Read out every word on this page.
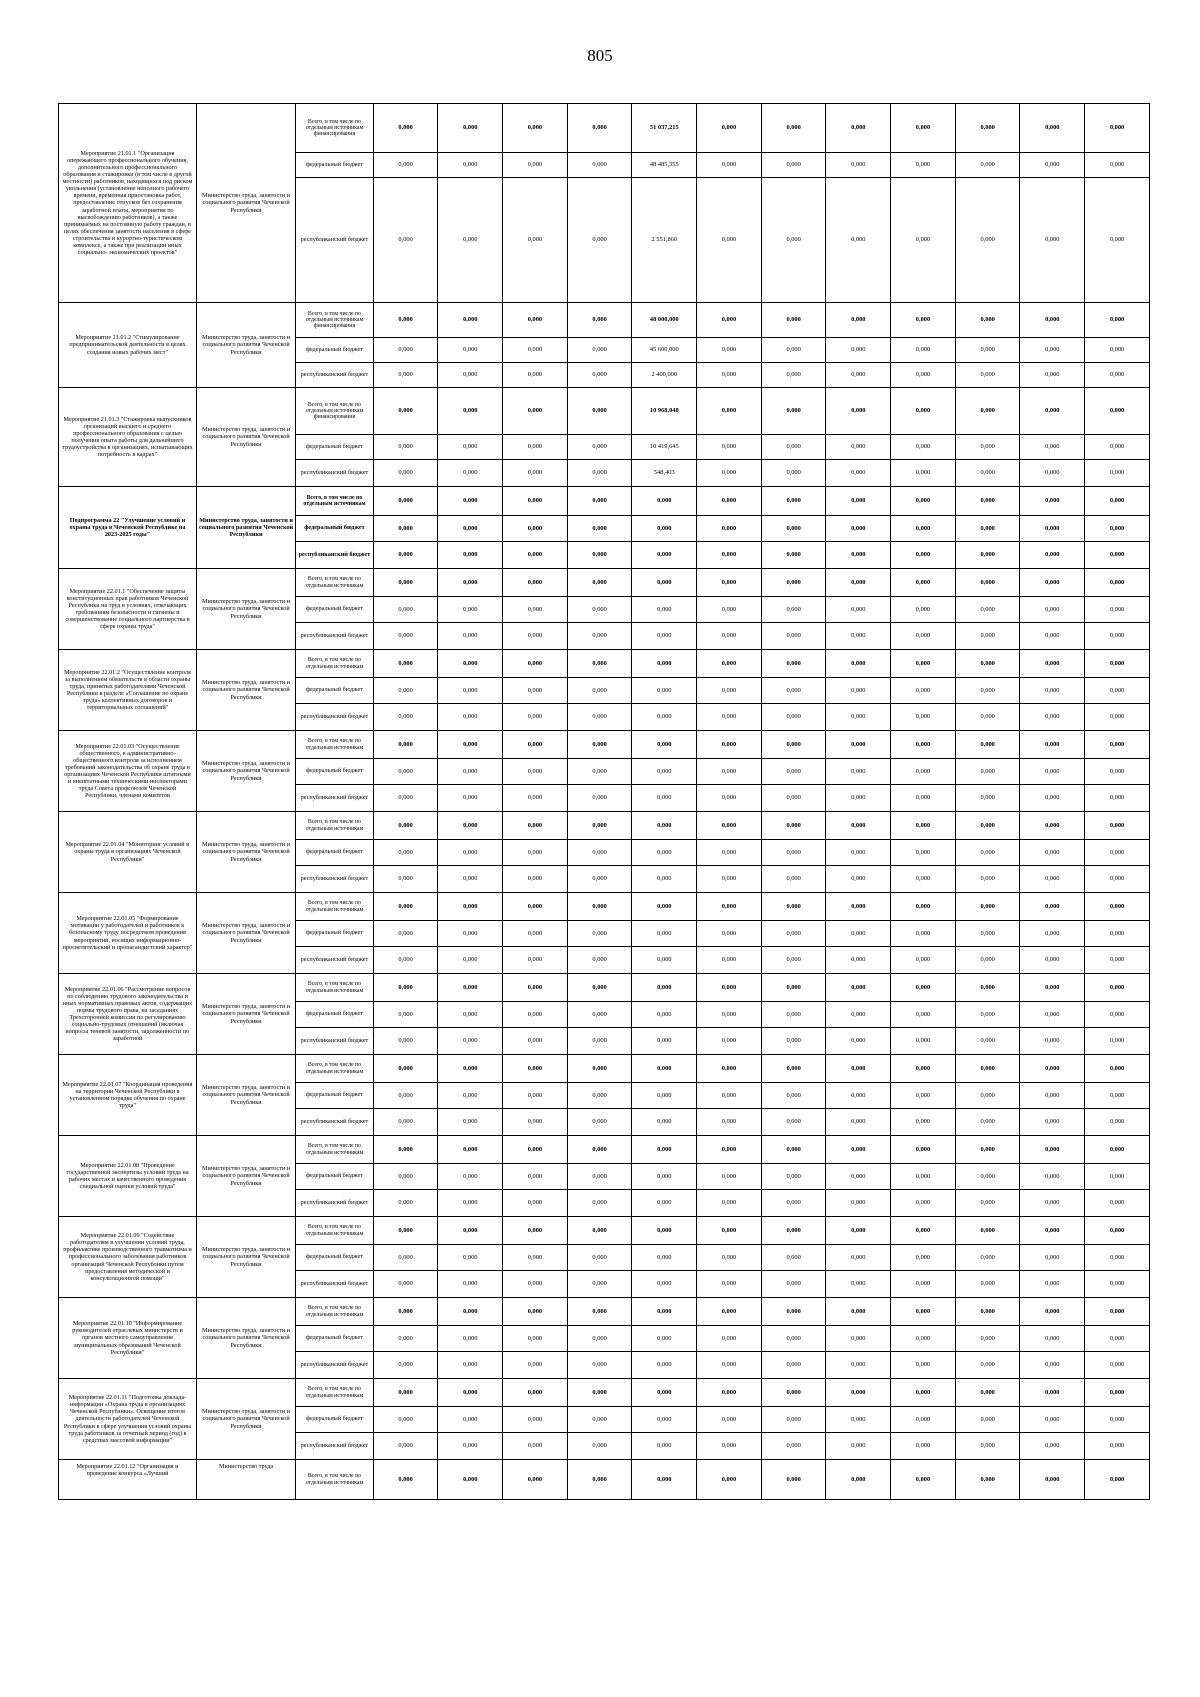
805
Мероприятие 21.01.1 "Организация опережающего профессионального обучения, дополнительного профессионального образования и стажировки (в том числе в другой местности) работников, находящихся под риском увольнения (установление неполного рабочего времени, временная приостановка работ, предоставление отпусков без сохранения заработной платы, мероприятия по высвобождению работников), а также принимаемых на постоянную работу граждан, в целях обеспечения занятости населения в сфере строительства и курортно-туристическом комплексе, а также при реализации иных социально- экономических проектов"	Министерство труда, занятости и социального развития Чеченской Республики	Всего, в том числе по отдельным источникам финансирования	0,000	0,000	0,000	0,000	51 037,215	0,000	0,000	0,000	0,000	0,000	0,000	0,000
		федеральный бюджет	0,000	0,000	0,000	0,000	48 485,355	0,000	0,000	0,000	0,000	0,000	0,000	0,000
		республиканский бюджет	0,000	0,000	0,000	0,000	2 551,860	0,000	0,000	0,000	0,000	0,000	0,000	0,000
Мероприятие 21.01.2 "Стимулирование предпринимательской деятельности в целях создания новых рабочих мест"	Министерство труда, занятости и социального развития Чеченской Республики	Всего, в том числе по отдельным источникам финансирования	0,000	0,000	0,000	0,000	48 000,000	0,000	0,000	0,000	0,000	0,000	0,000	0,000
		федеральный бюджет	0,000	0,000	0,000	0,000	45 600,000	0,000	0,000	0,000	0,000	0,000	0,000	0,000
		республиканский бюджет	0,000	0,000	0,000	0,000	2 400,000	0,000	0,000	0,000	0,000	0,000	0,000	0,000
Мероприятие 21.01.3 "Стажировка выпускников организаций высшего и среднего профессионального образования с целью получения опыта работы для дальнейшего трудоустройства в организациях, испытывающих потребность в кадрах"	Министерство труда, занятости и социального развития Чеченской Республики	Всего, в том числе по отдельным источникам финансирования	0,000	0,000	0,000	0,000	10 968,048	0,000	0,000	0,000	0,000	0,000	0,000	0,000
		федеральный бюджет	0,000	0,000	0,000	0,000	10 419,645	0,000	0,000	0,000	0,000	0,000	0,000	0,000
		республиканский бюджет	0,000	0,000	0,000	0,000	548,403	0,000	0,000	0,000	0,000	0,000	0,000	0,000
Подпрограмма 22 "Улучшение условий и охраны труда в Чеченской Республике на 2023-2025 годы"	Министерство труда, занятости и социального развития Чеченской Республики	Всего, в том числе по отдельным источникам	0,000	0,000	0,000	0,000	0,000	0,000	0,000	0,000	0,000	0,000	0,000	0,000
		федеральный бюджет	0,000	0,000	0,000	0,000	0,000	0,000	0,000	0,000	0,000	0,000	0,000	0,000
		республиканский бюджет	0,000	0,000	0,000	0,000	0,000	0,000	0,000	0,000	0,000	0,000	0,000	0,000
Мероприятие 22.01.1 "Обеспечение защиты конституционных прав работников Чеченской Республики на труд в условиях, отвечающих требованиям безопасности и гигиены и совершенствование социального партнерства в сфере охраны труда"	Министерство труда, занятости и социального развития Чеченской Республики	Всего, в том числе по отдельным источникам	0,000	0,000	0,000	0,000	0,000	0,000	0,000	0,000	0,000	0,000	0,000	0,000
		федеральный бюджет	0,000	0,000	0,000	0,000	0,000	0,000	0,000	0,000	0,000	0,000	0,000	0,000
		республиканский бюджет	0,000	0,000	0,000	0,000	0,000	0,000	0,000	0,000	0,000	0,000	0,000	0,000
Мероприятие 22.01.2 "Осуществление контроля за выполнением обязательств в области охраны труда, принятых работодателями Чеченской Республики в разделе «Соглашение по охране труда» коллективных договоров и территориальных соглашений"	Министерство труда, занятости и социального развития Чеченской Республики	Всего, в том числе по отдельным источникам	0,000	0,000	0,000	0,000	0,000	0,000	0,000	0,000	0,000	0,000	0,000	0,000
		федеральный бюджет	0,000	0,000	0,000	0,000	0,000	0,000	0,000	0,000	0,000	0,000	0,000	0,000
		республиканский бюджет	0,000	0,000	0,000	0,000	0,000	0,000	0,000	0,000	0,000	0,000	0,000	0,000
Мероприятие 22.01.03 "Осуществление общественного, в административно-общественного контроля за исполнением требований законодательства об охране труда в организациях Чеченской Республики штатными и внештатными техническими инспекторами труда Совета профсоюзов Чеченской Республики, членами комитетов	Министерство труда, занятости и социального развития Чеченской Республики	Всего, в том числе по отдельным источникам	0,000	0,000	0,000	0,000	0,000	0,000	0,000	0,000	0,000	0,000	0,000	0,000
		федеральный бюджет	0,000	0,000	0,000	0,000	0,000	0,000	0,000	0,000	0,000	0,000	0,000	0,000
		республиканский бюджет	0,000	0,000	0,000	0,000	0,000	0,000	0,000	0,000	0,000	0,000	0,000	0,000
Мероприятие 22.01.04 "Мониторинг условий и охраны труда в организациях Чеченской Республики"	Министерство труда, занятости и социального развития Чеченской Республики	Всего, в том числе по отдельным источникам	0,000	0,000	0,000	0,000	0,000	0,000	0,000	0,000	0,000	0,000	0,000	0,000
		федеральный бюджет	0,000	0,000	0,000	0,000	0,000	0,000	0,000	0,000	0,000	0,000	0,000	0,000
		республиканский бюджет	0,000	0,000	0,000	0,000	0,000	0,000	0,000	0,000	0,000	0,000	0,000	0,000
Мероприятие 22.01.05 "Формирование мотивации у работодателей и работников к безопасному труду посредством проведения мероприятий, носящих информационно-просветительский и пропагандистский характер"	Министерство труда, занятости и социального развития Чеченской Республики	Всего, в том числе по отдельным источникам	0,000	0,000	0,000	0,000	0,000	0,000	0,000	0,000	0,000	0,000	0,000	0,000
		федеральный бюджет	0,000	0,000	0,000	0,000	0,000	0,000	0,000	0,000	0,000	0,000	0,000	0,000
		республиканский бюджет	0,000	0,000	0,000	0,000	0,000	0,000	0,000	0,000	0,000	0,000	0,000	0,000
Мероприятие 22.01.06 "Рассмотрение вопросов по соблюдению трудового законодательства и иных нормативных правовых актов, содержащих нормы трудового права, на заседаниях Трехсторонней комиссии по регулированию социально-трудовых отношений (включая вопросы теневой занятости, задолженности по заработной	Министерство труда, занятости и социального развития Чеченской Республики	Всего, в том числе по отдельным источникам	0,000	0,000	0,000	0,000	0,000	0,000	0,000	0,000	0,000	0,000	0,000	0,000
		федеральный бюджет	0,000	0,000	0,000	0,000	0,000	0,000	0,000	0,000	0,000	0,000	0,000	0,000
		республиканский бюджет	0,000	0,000	0,000	0,000	0,000	0,000	0,000	0,000	0,000	0,000	0,000	0,000
Мероприятие 22.01.07 "Координация проведения на территории Чеченской Республики в установленном порядке обучения по охране труда"	Министерство труда, занятости и социального развития Чеченской Республики	Всего, в том числе по отдельным источникам	0,000	0,000	0,000	0,000	0,000	0,000	0,000	0,000	0,000	0,000	0,000	0,000
		федеральный бюджет	0,000	0,000	0,000	0,000	0,000	0,000	0,000	0,000	0,000	0,000	0,000	0,000
		республиканский бюджет	0,000	0,000	0,000	0,000	0,000	0,000	0,000	0,000	0,000	0,000	0,000	0,000
Мероприятие 22.01.08 "Проведение государственной экспертизы условий труда на рабочих местах и качественного проведения специальной оценки условий труда"	Министерство труда, занятости и социального развития Чеченской Республики	Всего, в том числе по отдельным источникам	0,000	0,000	0,000	0,000	0,000	0,000	0,000	0,000	0,000	0,000	0,000	0,000
		федеральный бюджет	0,000	0,000	0,000	0,000	0,000	0,000	0,000	0,000	0,000	0,000	0,000	0,000
		республиканский бюджет	0,000	0,000	0,000	0,000	0,000	0,000	0,000	0,000	0,000	0,000	0,000	0,000
Мероприятие 22.01.09 "Содействие работодателям в улучшении условий труда, профилактике производственного травматизма и профессионального заболевания работников организаций Чеченской Республики путем предоставления методической и консультационной помощи"	Министерство труда, занятости и социального развития Чеченской Республики	Всего, в том числе по отдельным источникам	0,000	0,000	0,000	0,000	0,000	0,000	0,000	0,000	0,000	0,000	0,000	0,000
		федеральный бюджет	0,000	0,000	0,000	0,000	0,000	0,000	0,000	0,000	0,000	0,000	0,000	0,000
		республиканский бюджет	0,000	0,000	0,000	0,000	0,000	0,000	0,000	0,000	0,000	0,000	0,000	0,000
Мероприятие 22.01.10 "Информирование руководителей отраслевых министерств и органов местного самоуправления муниципальных образований Чеченской Республики"	Министерство труда, занятости и социального развития Чеченской Республики	Всего, в том числе по отдельным источникам	0,000	0,000	0,000	0,000	0,000	0,000	0,000	0,000	0,000	0,000	0,000	0,000
		федеральный бюджет	0,000	0,000	0,000	0,000	0,000	0,000	0,000	0,000	0,000	0,000	0,000	0,000
		республиканский бюджет	0,000	0,000	0,000	0,000	0,000	0,000	0,000	0,000	0,000	0,000	0,000	0,000
Мероприятие 22.01.11 "Подготовка доклада-информации «Охрана труда в организациях Чеченской Республики». Освещение итогов деятельности работодателей Чеченской Республики в сфере улучшения условий охраны труда работников за отчетный период (год) в средствах массовой информации"	Министерство труда, занятости и социального развития Чеченской Республики	Всего, в том числе по отдельным источникам	0,000	0,000	0,000	0,000	0,000	0,000	0,000	0,000	0,000	0,000	0,000	0,000
		федеральный бюджет	0,000	0,000	0,000	0,000	0,000	0,000	0,000	0,000	0,000	0,000	0,000	0,000
		республиканский бюджет	0,000	0,000	0,000	0,000	0,000	0,000	0,000	0,000	0,000	0,000	0,000	0,000
Мероприятие 22.01.12 "Организация и проведение конкурса «Лучший	Министерство труда	Всего, в том числе по отдельным источникам	0,000	0,000	0,000	0,000	0,000	0,000	0,000	0,000	0,000	0,000	0,000	0,000
